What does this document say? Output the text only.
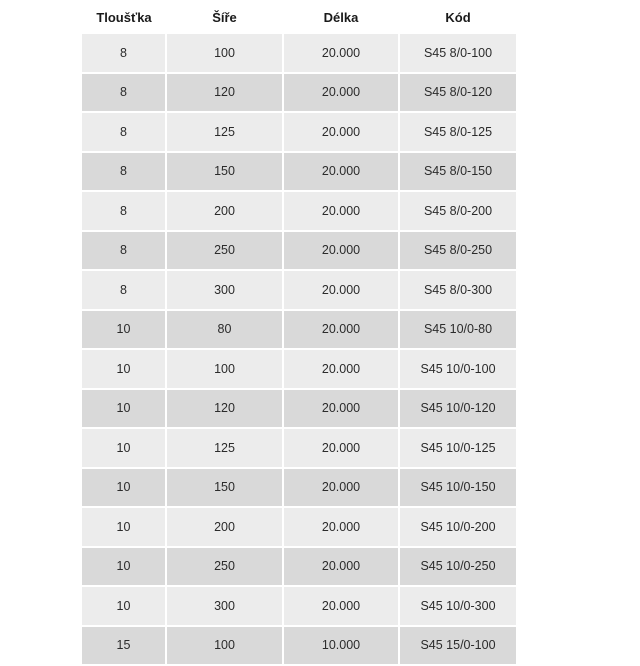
	Tloušťka	Šíře	Délka	Kód	
	8	100	20.000	S45 8/0-100	
	8	120	20.000	S45 8/0-120	
	8	125	20.000	S45 8/0-125	
	8	150	20.000	S45 8/0-150	
	8	200	20.000	S45 8/0-200	
	8	250	20.000	S45 8/0-250	
	8	300	20.000	S45 8/0-300	
	10	80	20.000	S45 10/0-80	
	10	100	20.000	S45 10/0-100	
	10	120	20.000	S45 10/0-120	
	10	125	20.000	S45 10/0-125	
	10	150	20.000	S45 10/0-150	
	10	200	20.000	S45 10/0-200	
	10	250	20.000	S45 10/0-250	
	10	300	20.000	S45 10/0-300	
	15	100	10.000	S45 15/0-100	
